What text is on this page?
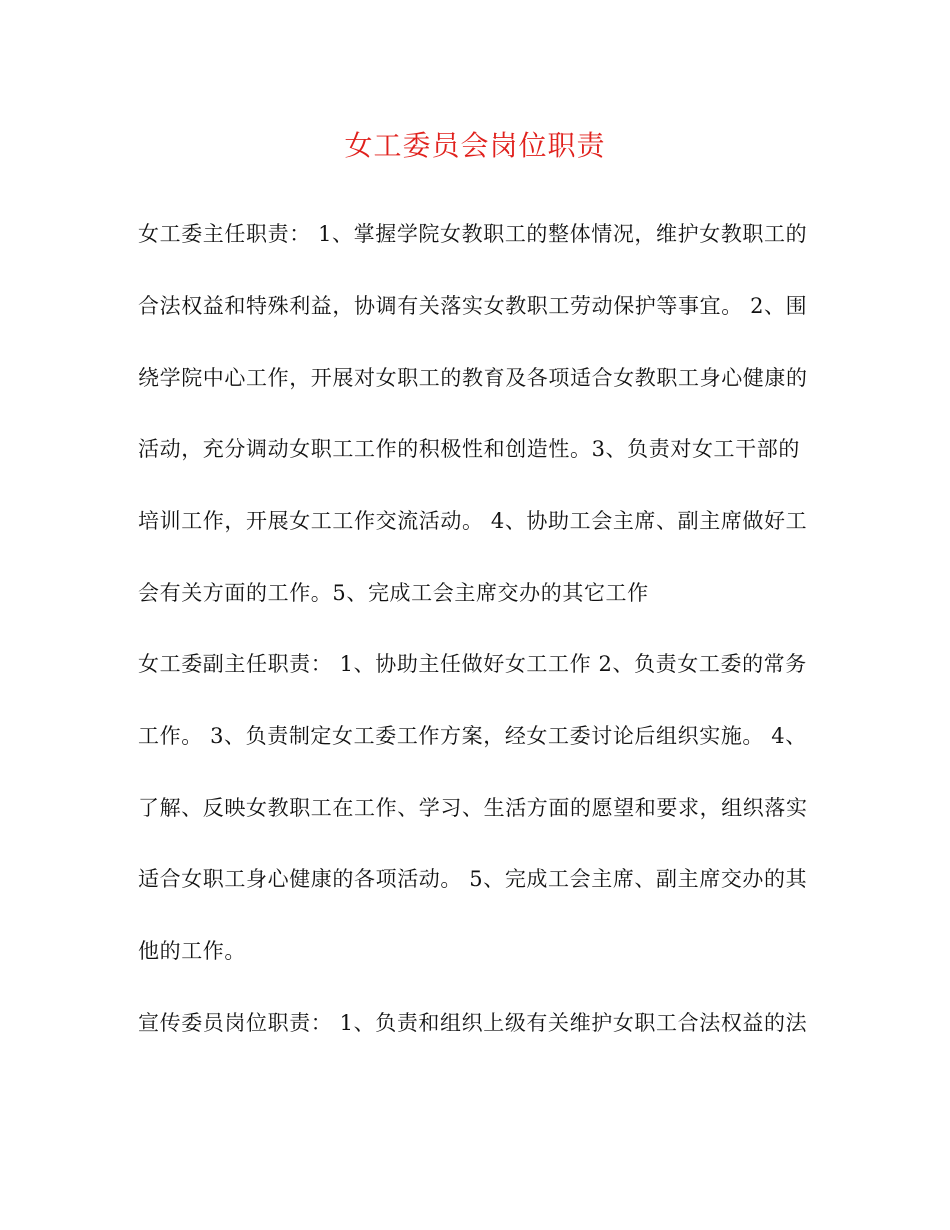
女工委员会岗位职责
女工委主任职责： 1、掌握学院女教职工的整体情况，维护女教职工的
合法权益和特殊利益，协调有关落实女教职工劳动保护等事宜。 2、围
绕学院中心工作，开展对女职工的教育及各项适合女教职工身心健康的
活动，充分调动女职工工作的积极性和创造性。3、负责对女工干部的
培训工作，开展女工工作交流活动。 4、协助工会主席、副主席做好工
会有关方面的工作。5、完成工会主席交办的其它工作
女工委副主任职责： 1、协助主任做好女工工作 2、负责女工委的常务
工作。 3、负责制定女工委工作方案，经女工委讨论后组织实施。 4、
了解、反映女教职工在工作、学习、生活方面的愿望和要求，组织落实
适合女职工身心健康的各项活动。 5、完成工会主席、副主席交办的其
他的工作。
宣传委员岗位职责： 1、负责和组织上级有关维护女职工合法权益的法
